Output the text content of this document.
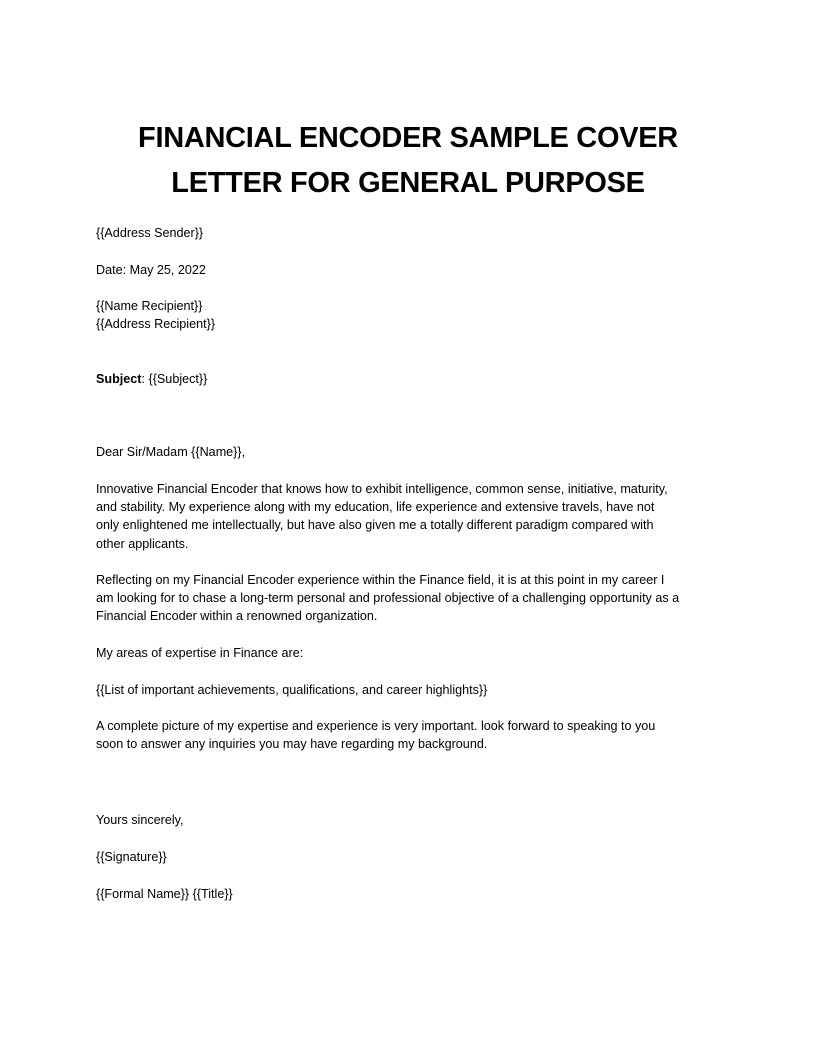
FINANCIAL ENCODER SAMPLE COVER
LETTER FOR GENERAL PURPOSE
{{Address Sender}}
Date: May 25, 2022
{{Name Recipient}}
{{Address Recipient}}
Subject: {{Subject}}
Dear Sir/Madam {{Name}},
Innovative Financial Encoder that knows how to exhibit intelligence, common sense, initiative, maturity,
and stability. My experience along with my education, life experience and extensive travels, have not
only enlightened me intellectually, but have also given me a totally different paradigm compared with
other applicants.
Reflecting on my Financial Encoder experience within the Finance field, it is at this point in my career I
am looking for to chase a long-term personal and professional objective of a challenging opportunity as a
Financial Encoder within a renowned organization.
My areas of expertise in Finance are:
{{List of important achievements, qualifications, and career highlights}}
A complete picture of my expertise and experience is very important. look forward to speaking to you
soon to answer any inquiries you may have regarding my background.
Yours sincerely,
{{Signature}}
{{Formal Name}} {{Title}}
